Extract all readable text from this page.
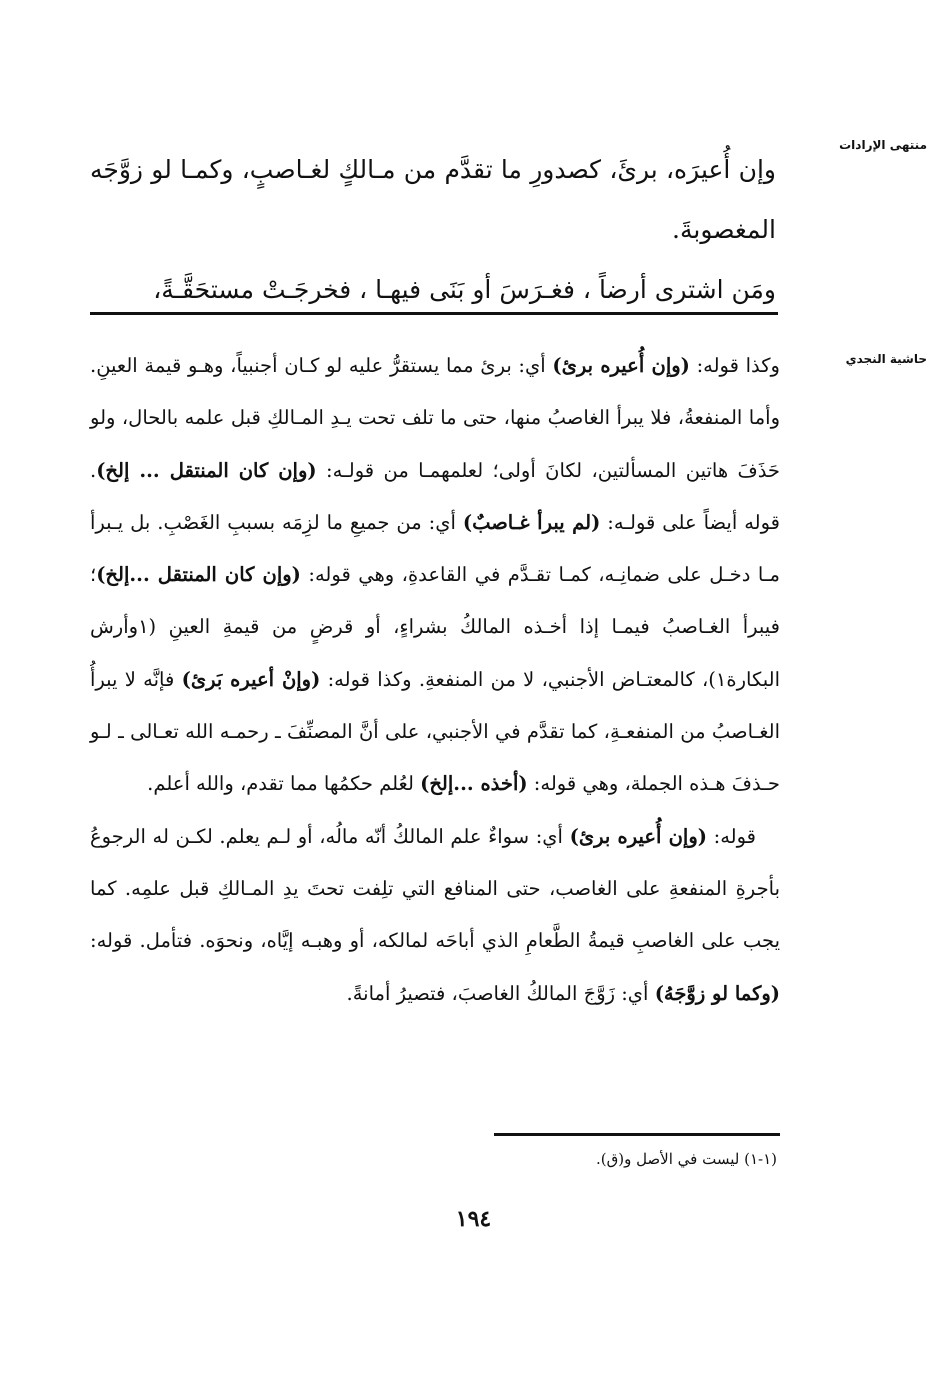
منتهى الإرادات
حاشية النجدي

وإن أُعيرَه، برئَ، كصدورِ ما تقدَّم من مـالكٍ لغـاصبٍ، وكمـا لو زوَّجَه المغصوبةَ.

ومَن اشترى أرضاً ، فغـرَسَ أو بَنَى فيهـا ، فخرجَـتْ مستحَقَّـةً،

وكذا قوله: (وإن أُعيره برئ) أي: برئ مما يستقرُّ عليه لو كـان أجنبياً، وهـو قيمة العينِ. وأما المنفعةُ، فلا يبرأ الغاصبُ منها، حتى ما تلف تحت يـدِ المـالكِ قبل علمه بالحال، ولو حَذَفَ هاتين المسألتين، لكانَ أولى؛ لعلمهمـا من قولـه: (وإن كان المنتقل ... إلخ). قوله أيضاً على قولـه: (لم يبرأ غـاصبٌ) أي: من جميعِ ما لزِمَه بسببِ الغَصْبِ. بل يـبرأ مـا دخـل على ضمانِـه، كمـا تقـدَّم في القاعدةِ، وهي قوله: (وإن كان المنتقل ...إلخ)؛ فيبرأ الغـاصبُ فيمـا إذا أخـذه المالكُ بشراءٍ، أو قرضٍ من قيمةِ العينِ (١وأرش البكارة١)، كالمعتـاض الأجنبي، لا من المنفعةِ. وكذا قوله: (وإنْ أعيره بَرئ) فإنَّه لا يبرأُ الغـاصبُ من المنفعـةِ، كما تقدَّم في الأجنبي، على أنَّ المصنِّفَ ـ رحمـه الله تعـالى ـ لـو حـذفَ هـذه الجملة، وهي قوله: (أخذه ...إلخ) لعُلم حكمُها مما تقدم، والله أعلم.

قوله: (وإن أُعيره برئ) أي: سواءٌ علم المالكُ أنّه مالُه، أو لـم يعلم. لكـن له الرجوعُ بأجرةِ المنفعةِ على الغاصب، حتى المنافع التي تلِفت تحتَ يدِ المـالكِ قبل علمِه. كما يجب على الغاصبِ قيمةُ الطَّعامِ الذي أباحَه لمالكه، أو وهبـه إيَّاه، ونحوَه. فتأمل. قوله: (وكما لو زوَّجَهُ) أي: زَوَّجَ المالكُ الغاصبَ، فتصيرُ أمانةً.

(١-١) ليست في الأصل و(ق).
١٩٤
